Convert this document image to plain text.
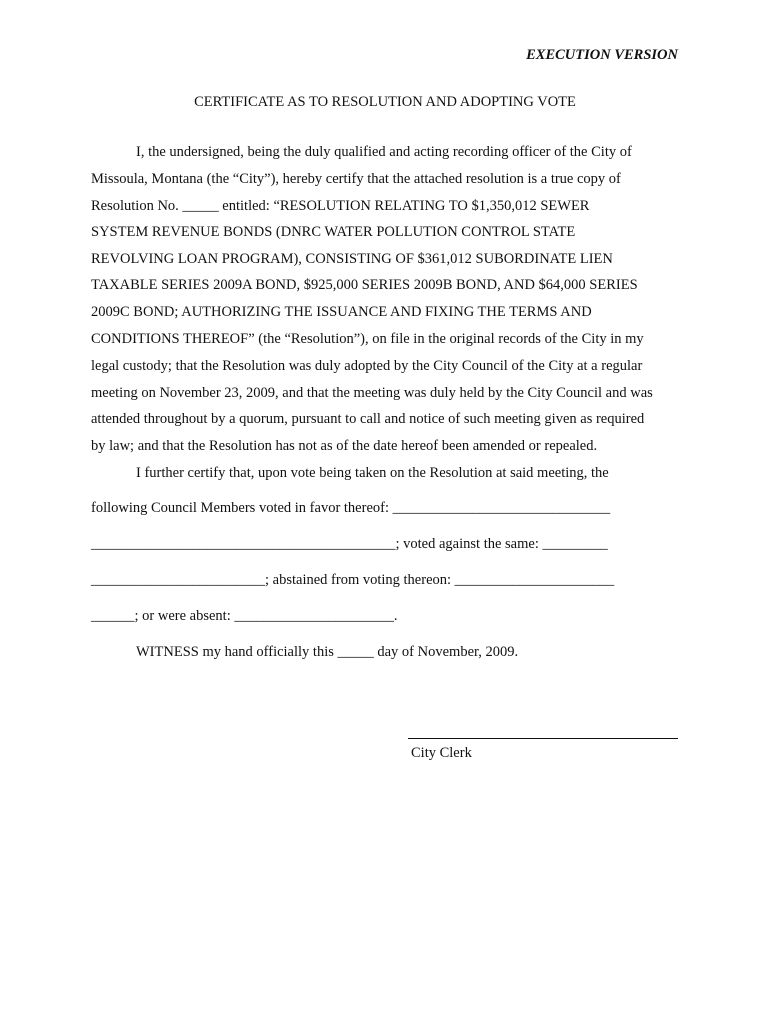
EXECUTION VERSION
CERTIFICATE AS TO RESOLUTION AND ADOPTING VOTE
I, the undersigned, being the duly qualified and acting recording officer of the City of
Missoula, Montana (the “City”), hereby certify that the attached resolution is a true copy of
Resolution No. _____ entitled: “RESOLUTION RELATING TO $1,350,012 SEWER
SYSTEM REVENUE BONDS (DNRC WATER POLLUTION CONTROL STATE
REVOLVING LOAN PROGRAM), CONSISTING OF $361,012 SUBORDINATE LIEN
TAXABLE SERIES 2009A BOND, $925,000 SERIES 2009B BOND, AND $64,000 SERIES
2009C BOND; AUTHORIZING THE ISSUANCE AND FIXING THE TERMS AND
CONDITIONS THEREOF” (the “Resolution”), on file in the original records of the City in my
legal custody; that the Resolution was duly adopted by the City Council of the City at a regular
meeting on November 23, 2009, and that the meeting was duly held by the City Council and was
attended throughout by a quorum, pursuant to call and notice of such meeting given as required
by law; and that the Resolution has not as of the date hereof been amended or repealed.
I further certify that, upon vote being taken on the Resolution at said meeting, the
following Council Members voted in favor thereof: ______________________________
__________________________________________; voted against the same: _________
________________________; abstained from voting thereon: ______________________
______; or were absent: ______________________.
WITNESS my hand officially this _____ day of November, 2009.
City Clerk
